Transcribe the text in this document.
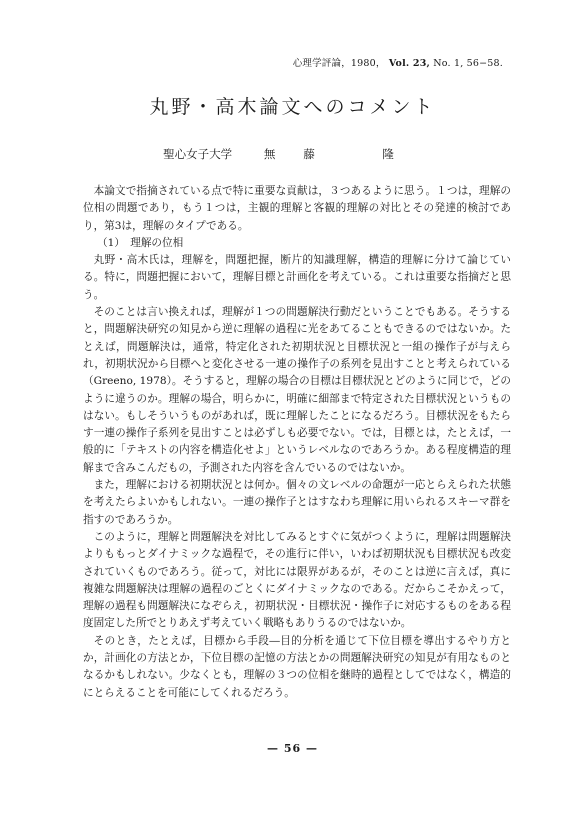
心理学評論，1980， Vol. 23, No. 1, 56−58.
丸野・高木論文へのコメント
聖心女子大学	無藤　隆

本論文で指摘されている点で特に重要な貢献は，３つあるように思う。１つは，理解の位相の問題であり，もう１つは，主観的理解と客観的理解の対比とその発達的検討であり，第3は，理解のタイプである。

（1）　理解の位相

丸野・高木氏は，理解を，問題把握，断片的知識理解，構造的理解に分けて論じている。特に，問題把握において，理解目標と計画化を考えている。これは重要な指摘だと思う。

そのことは言い換えれば，理解が１つの問題解決行動だということでもある。そうすると，問題解決研究の知見から逆に理解の過程に光をあてることもできるのではないか。たとえば，問題解決は，通常，特定化された初期状況と目標状況と一組の操作子が与えられ，初期状況から目標へと変化させる一連の操作子の系列を見出すことと考えられている（Greeno, 1978）。そうすると，理解の場合の目標は目標状況とどのように同じで，どのように違うのか。理解の場合，明らかに，明確に細部まで特定された目標状況というものはない。もしそういうものがあれば，既に理解したことになるだろう。目標状況をもたらす一連の操作子系列を見出すことは必ずしも必要でない。では，目標とは，たとえば，一般的に「テキストの内容を構造化せよ」というレベルなのであろうか。ある程度構造的理解まで含みこんだもの，予測された内容を含んでいるのではないか。

また，理解における初期状況とは何か。個々の文レベルの命題が一応とらえられた状態を考えたらよいかもしれない。一連の操作子とはすなわち理解に用いられるスキーマ群を指すのであろうか。

このように，理解と問題解決を対比してみるとすぐに気がつくように，理解は問題解決よりももっとダイナミックな過程で，その進行に伴い，いわば初期状況も目標状況も改変されていくものであろう。従って，対比には限界があるが，そのことは逆に言えば，真に複雑な問題解決は理解の過程のごとくにダイナミックなのである。だからこそかえって，理解の過程も問題解決になぞらえ，初期状況・目標状況・操作子に対応するものをある程度固定した所でとりあえず考えていく戦略もありうるのではないか。

そのとき，たとえば，目標から手段―目的分析を通じて下位目標を導出するやり方とか，計画化の方法とか，下位目標の記憶の方法とかの問題解決研究の知見が有用なものとなるかもしれない。少なくとも，理解の３つの位相を継時的過程としてではなく，構造的にとらえることを可能にしてくれるだろう。

— 56 —
